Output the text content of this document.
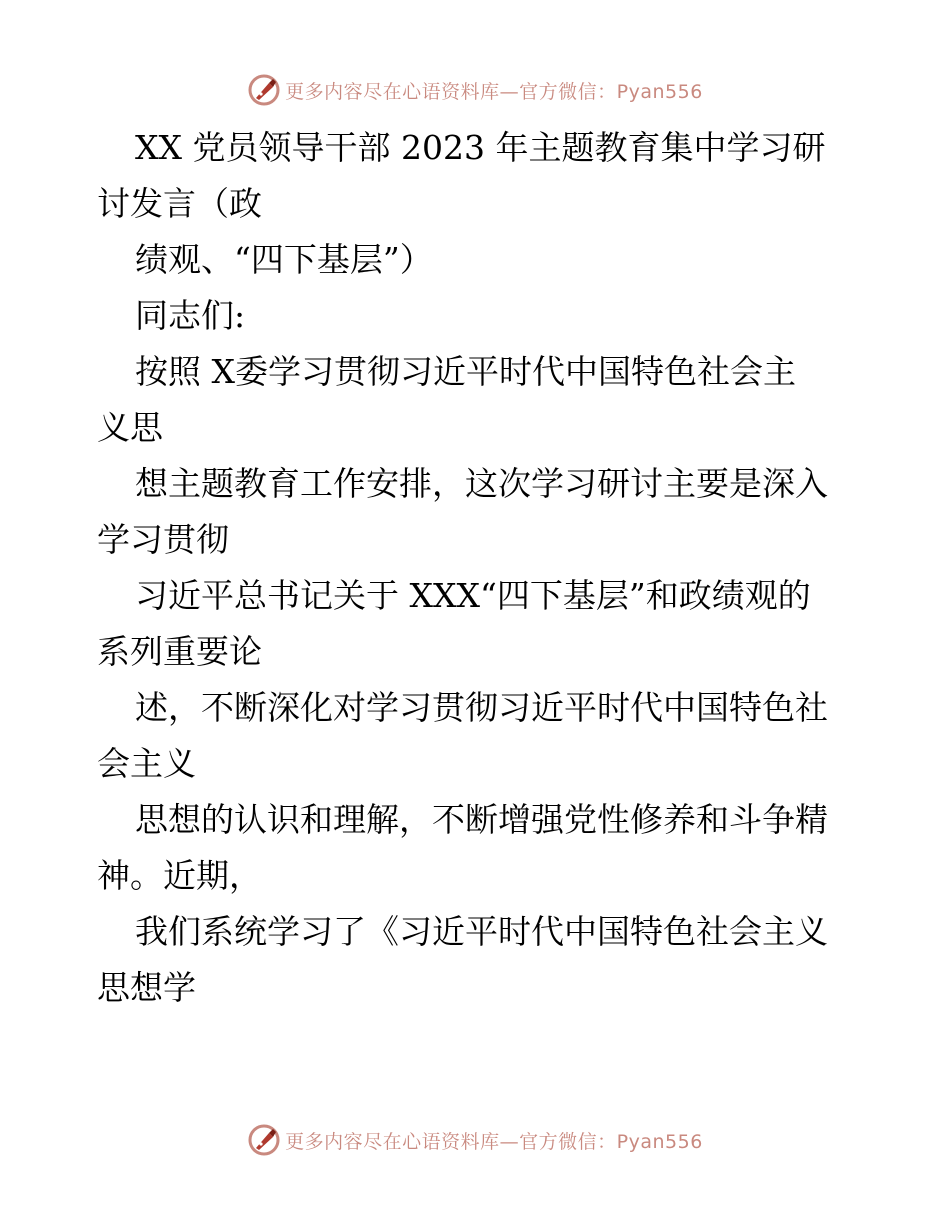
更多内容尽在心语资料库—官方微信：Pyan556
XX 党员领导干部 2023 年主题教育集中学习研
讨发言（政
绩观、“四下基层”）
同志们:
按照 X委学习贯彻习近平时代中国特色社会主
义思
想主题教育工作安排，这次学习研讨主要是深入
学习贯彻
习近平总书记关于 XXX“四下基层”和政绩观的
系列重要论
述，不断深化对学习贯彻习近平时代中国特色社
会主义
思想的认识和理解，不断增强党性修养和斗争精
神。近期，
我们系统学习了《习近平时代中国特色社会主义
思想学
更多内容尽在心语资料库—官方微信：Pyan556
